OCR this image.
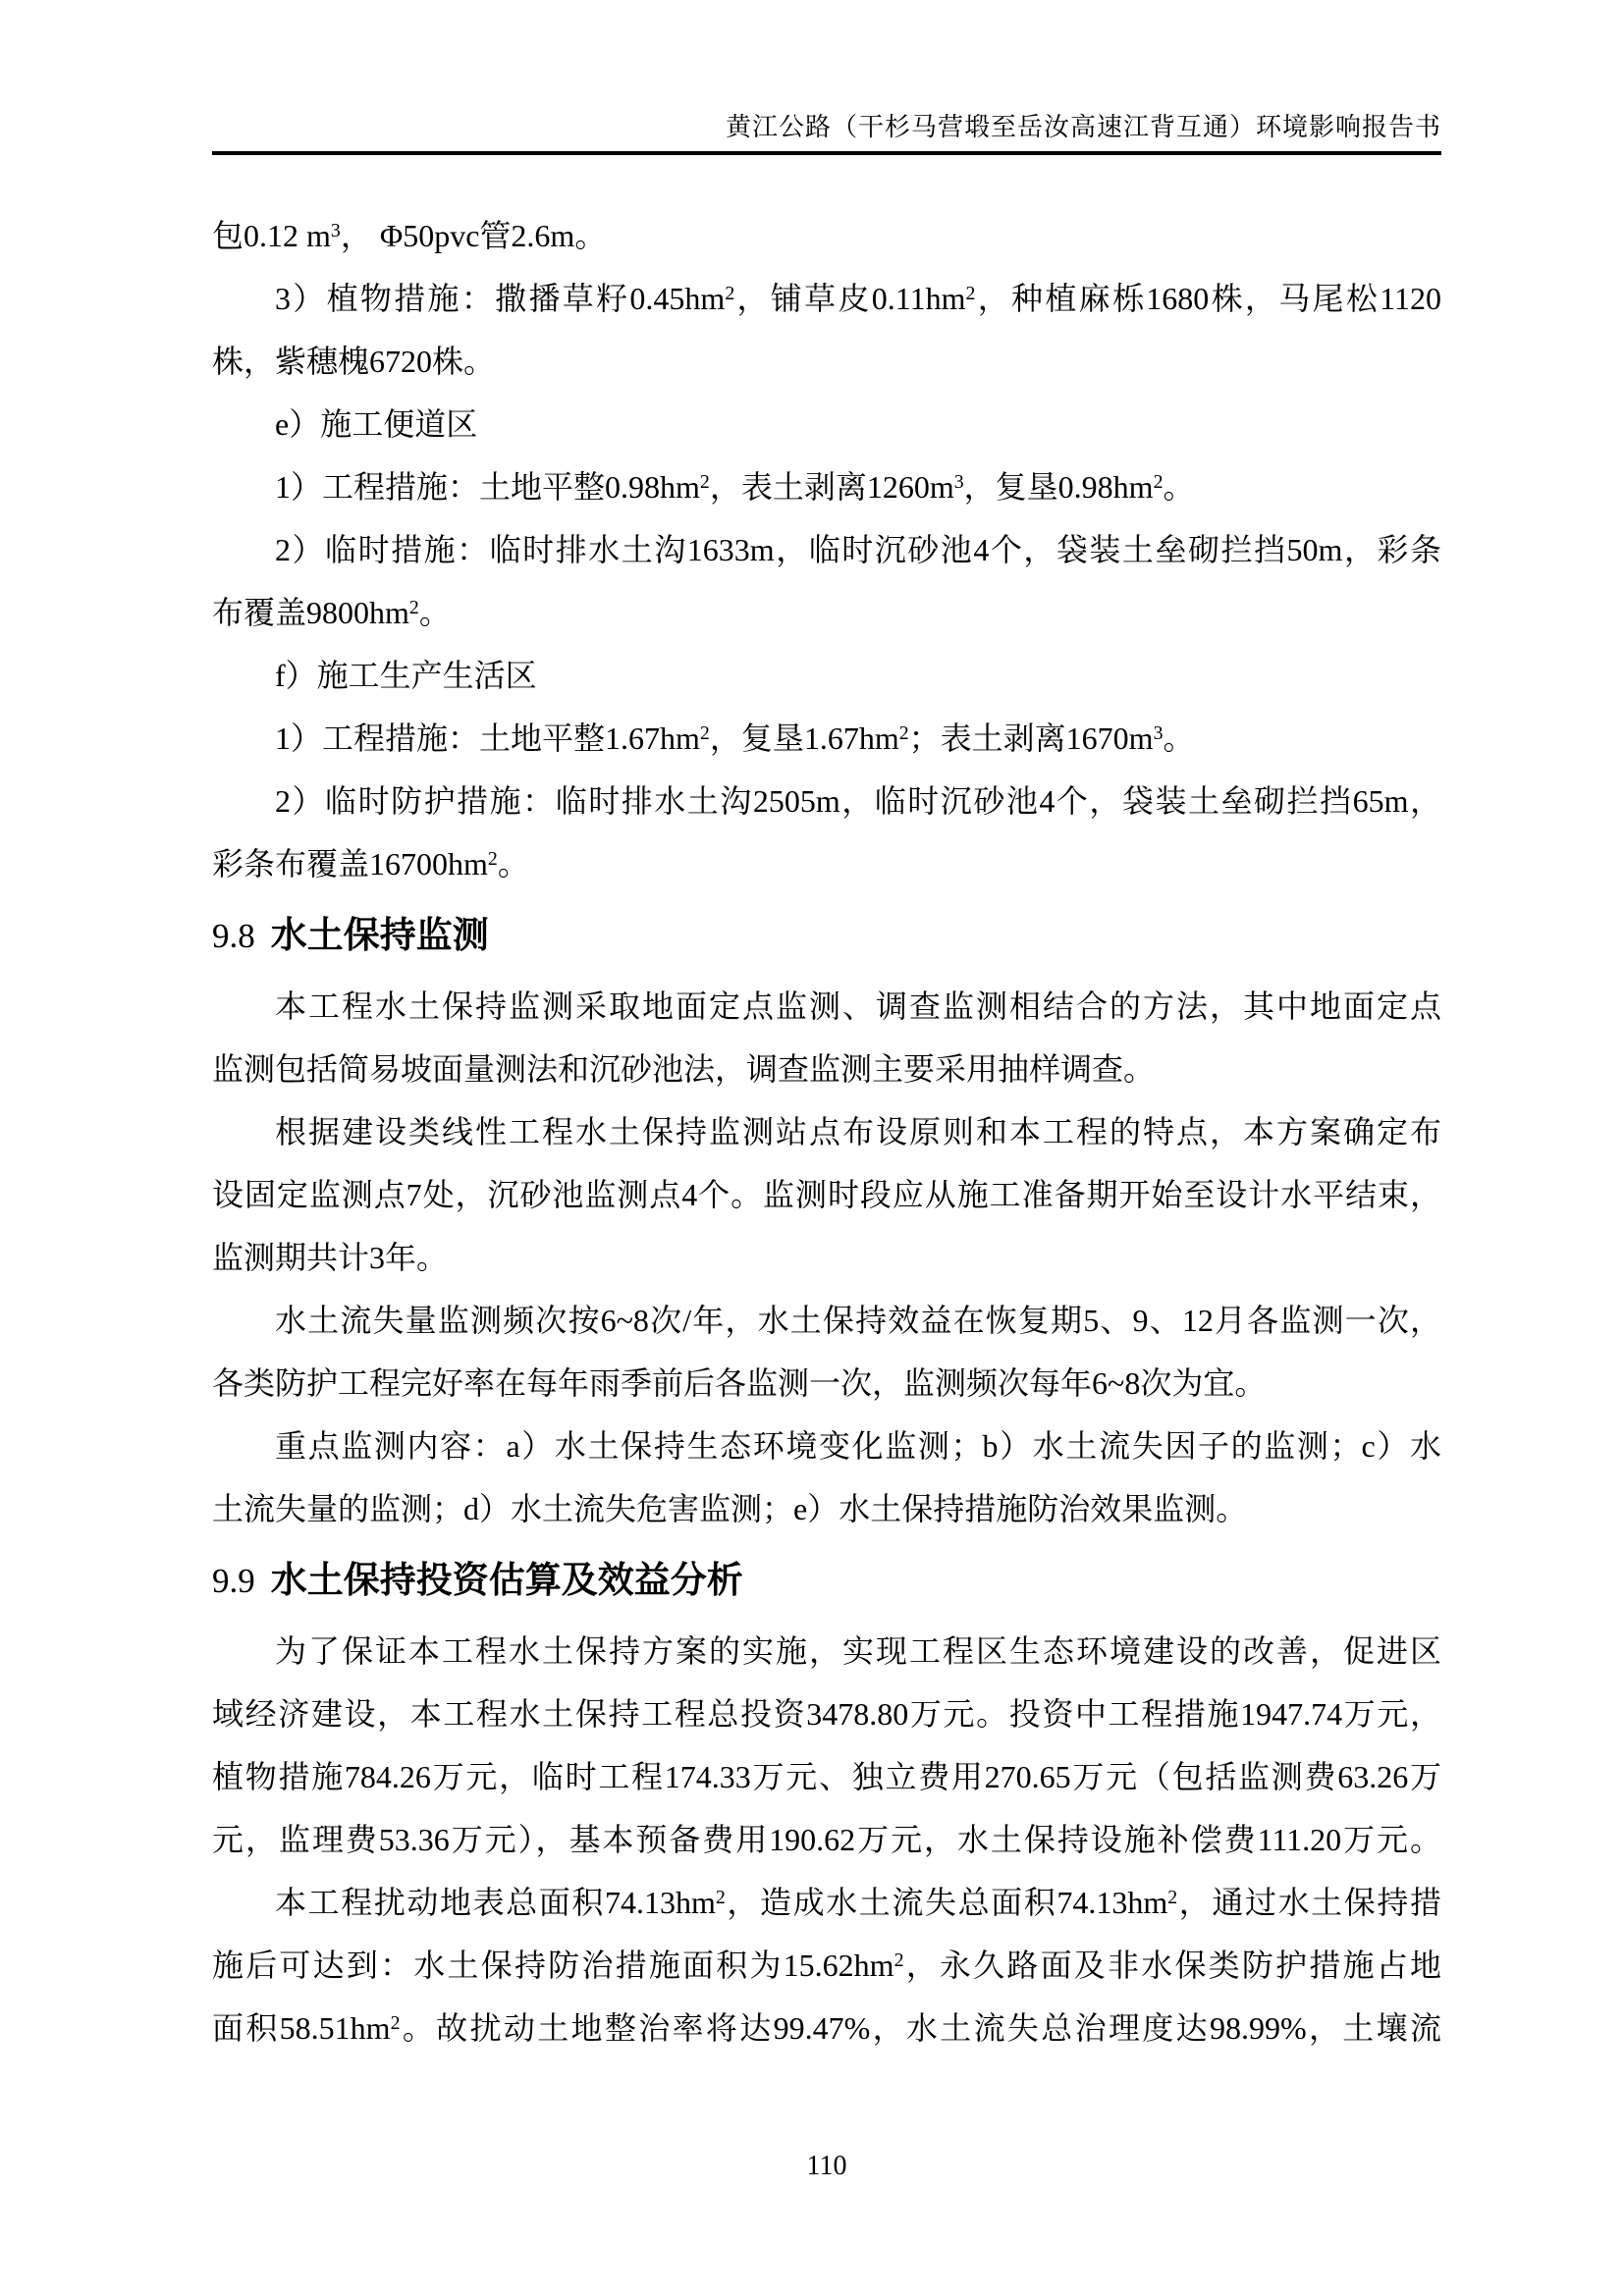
黄江公路（干杉马营塅至岳汝高速江背互通）环境影响报告书
包0.12 $m^3$， Φ50pvc管2.6m。
3）植物措施：撒播草籽$0.45hm^2$，铺草皮$0.11hm^2$，种植麻栎1680株，马尾松1120
株，紫穗槐6720株。
e）施工便道区
1）工程措施：土地平整$0.98hm^2$，表土剥离$1260m^3$，复垦$0.98hm^2$。
2）临时措施：临时排水土沟1633m，临时沉砂池4个，袋装土垒砌拦挡50m，彩条
布覆盖$9800hm^2$。
f）施工生产生活区
1）工程措施：土地平整$1.67hm^2$，复垦$1.67hm^2$；表土剥离$1670m^3$。
2）临时防护措施：临时排水土沟2505m，临时沉砂池4个，袋装土垒砌拦挡65m，
彩条布覆盖$16700hm^2$。
9.8 水土保持监测
本工程水土保持监测采取地面定点监测、调查监测相结合的方法，其中地面定点
监测包括简易坡面量测法和沉砂池法，调查监测主要采用抽样调查。
根据建设类线性工程水土保持监测站点布设原则和本工程的特点，本方案确定布
设固定监测点7处，沉砂池监测点4个。监测时段应从施工准备期开始至设计水平结束，
监测期共计3年。
水土流失量监测频次按6~8次/年，水土保持效益在恢复期5、9、12月各监测一次，
各类防护工程完好率在每年雨季前后各监测一次，监测频次每年6~8次为宜。
重点监测内容：a）水土保持生态环境变化监测；b）水土流失因子的监测；c）水
土流失量的监测；d）水土流失危害监测；e）水土保持措施防治效果监测。
9.9 水土保持投资估算及效益分析
为了保证本工程水土保持方案的实施，实现工程区生态环境建设的改善，促进区
域经济建设，本工程水土保持工程总投资3478.80万元。投资中工程措施1947.74万元，
植物措施784.26万元，临时工程174.33万元、独立费用270.65万元（包括监测费63.26万
元，监理费53.36万元），基本预备费用190.62万元，水土保持设施补偿费111.20万元。
本工程扰动地表总面积$74.13hm^2$，造成水土流失总面积$74.13hm^2$，通过水土保持措
施后可达到：水土保持防治措施面积为$15.62hm^2$，永久路面及非水保类防护措施占地
面积$58.51hm^2$。故扰动土地整治率将达99.47%，水土流失总治理度达98.99%，土壤流
110
